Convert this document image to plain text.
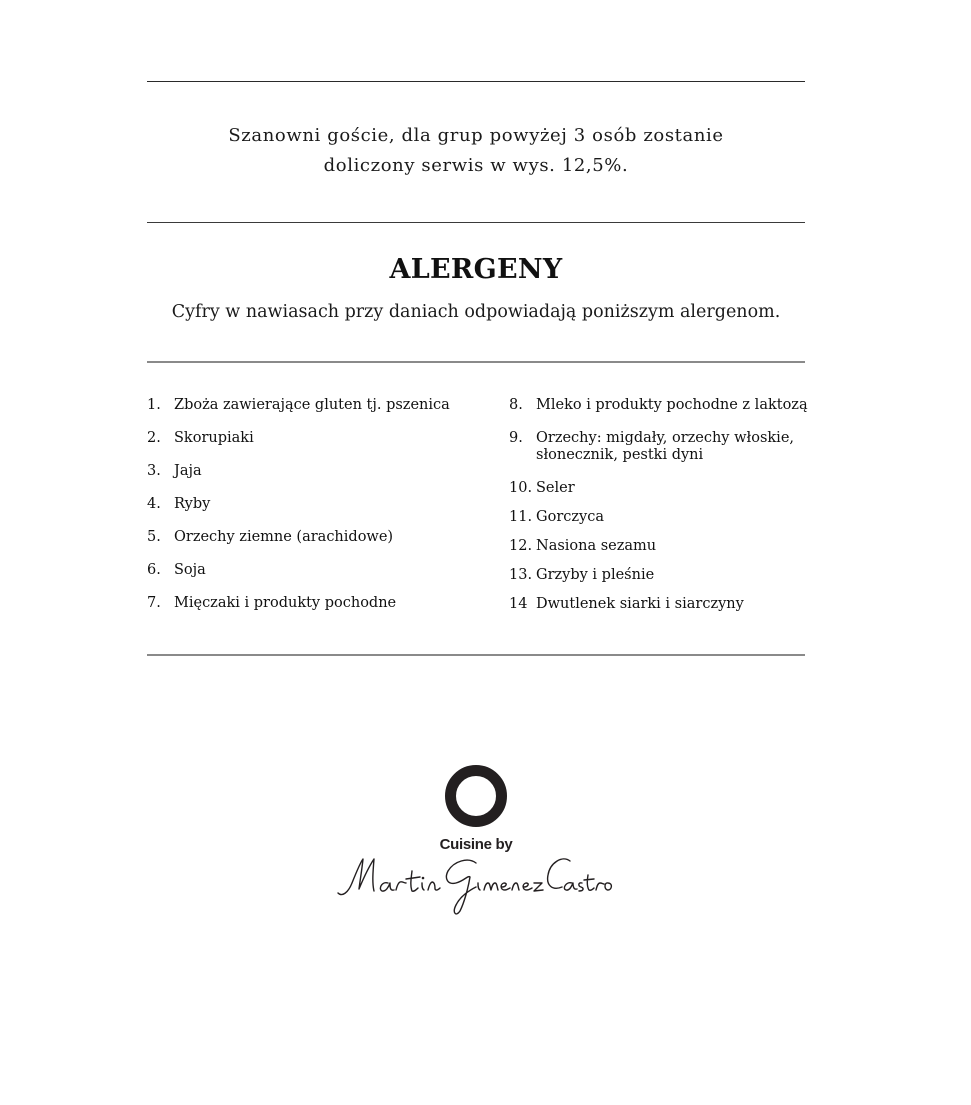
Szanowni goście, dla grup powyżej 3 osób zostanie
doliczony serwis w wys. 12,5%.
ALERGENY
Cyfry w nawiasach przy daniach odpowiadają poniższym alergenom.
1. Zboża zawierające gluten tj. pszenica
2. Skorupiaki
3. Jaja
4. Ryby
5. Orzechy ziemne (arachidowe)
6. Soja
7. Mięczaki i produkty pochodne
8. Mleko i produkty pochodne z laktozą
9. Orzechy: migdały, orzechy włoskie, słonecznik, pestki dyni
10. Seler
11. Gorczyca
12. Nasiona sezamu
13. Grzyby i pleśnie
14 Dwutlenek siarki i siarczyny
Cuisine by
